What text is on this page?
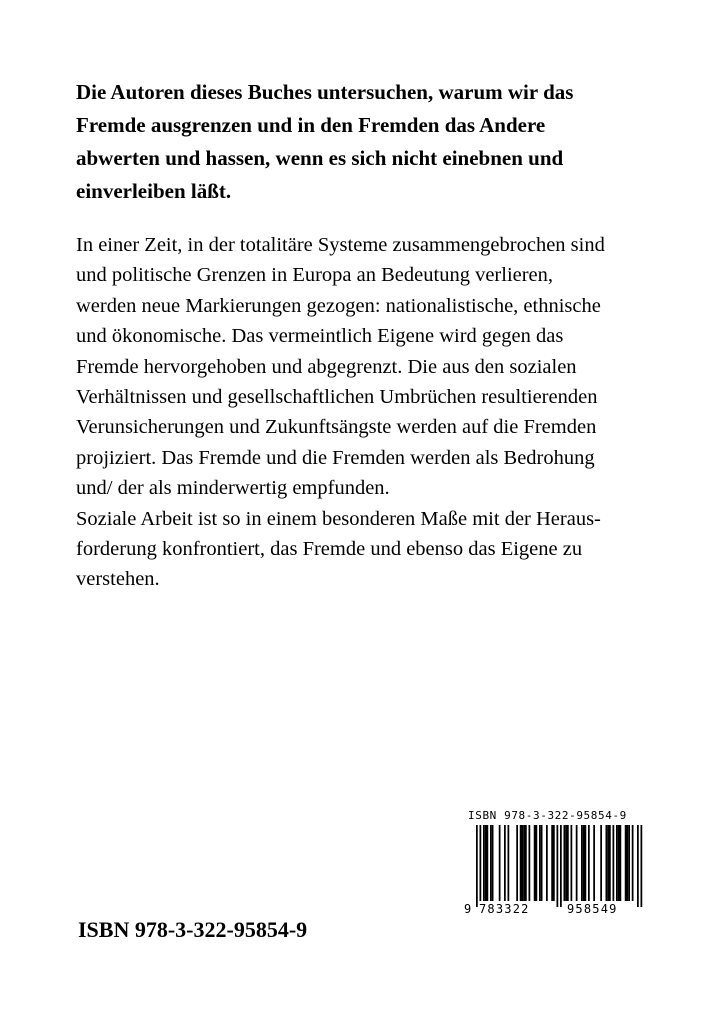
Die Autoren dieses Buches untersuchen, warum wir das
Fremde ausgrenzen und in den Fremden das Andere
abwerten und hassen, wenn es sich nicht einebnen und
einverleiben läßt.

In einer Zeit, in der totalitäre Systeme zusammengebrochen sind
und politische Grenzen in Europa an Bedeutung verlieren,
werden neue Markierungen gezogen: nationalistische, ethnische
und ökonomische. Das vermeintlich Eigene wird gegen das
Fremde hervorgehoben und abgegrenzt. Die aus den sozialen
Verhältnissen und gesellschaftlichen Umbrüchen resultierenden
Verunsicherungen und Zukunftsängste werden auf die Fremden
projiziert. Das Fremde und die Fremden werden als Bedrohung
und/ der als minderwertig empfunden.
Soziale Arbeit ist so in einem besonderen Maße mit der Heraus-
forderung konfrontiert, das Fremde und ebenso das Eigene zu
verstehen.

ISBN 978-3-322-95854-9
9 783322	958549
ISBN 978-3-322-95854-9
